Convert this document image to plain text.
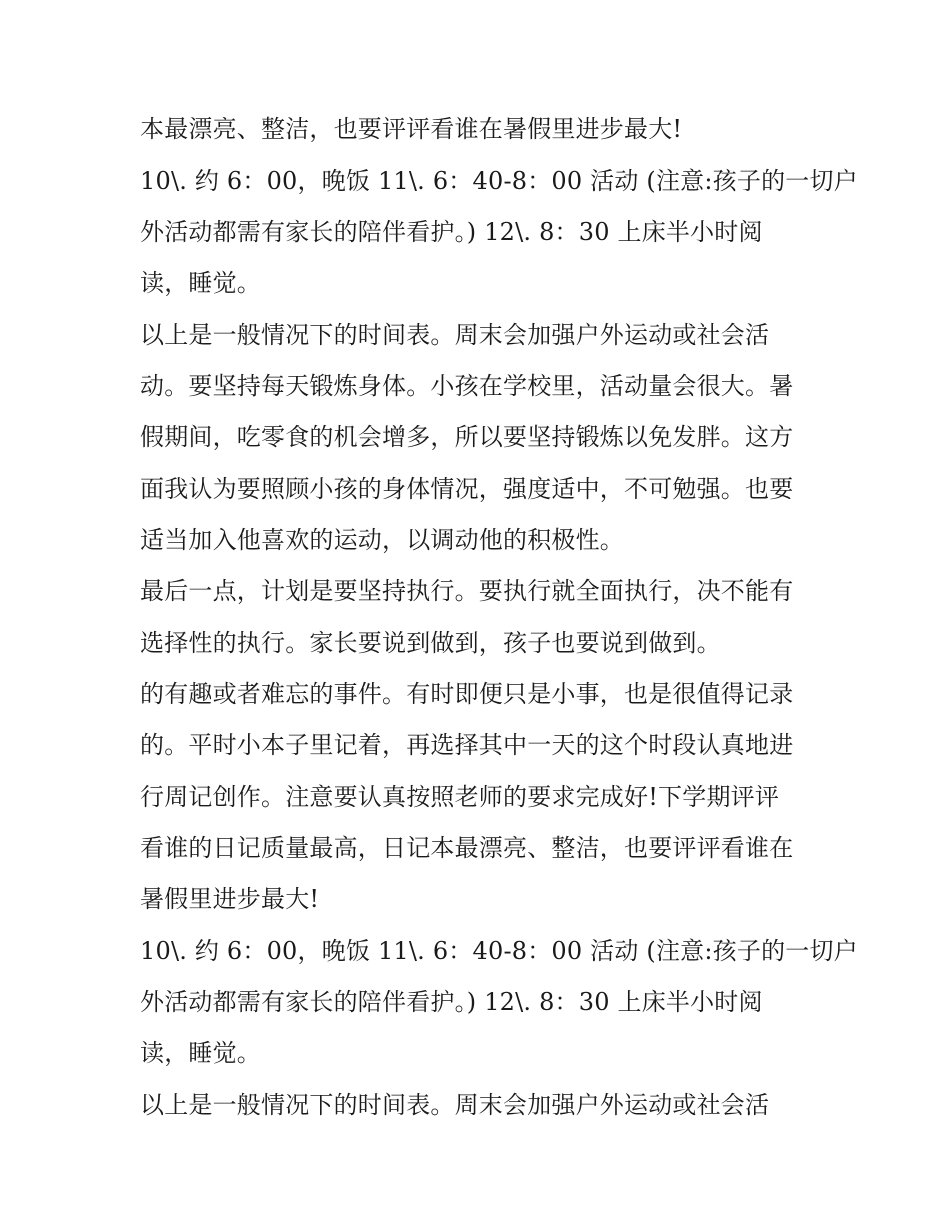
本最漂亮、整洁，也要评评看谁在暑假里进步最大!
10\. 约 6：00，晚饭 11\. 6：40-8：00 活动 (注意:孩子的一切户
外活动都需有家长的陪伴看护。) 12\. 8：30 上床半小时阅
读，睡觉。
以上是一般情况下的时间表。周末会加强户外运动或社会活
动。要坚持每天锻炼身体。小孩在学校里，活动量会很大。暑
假期间，吃零食的机会增多，所以要坚持锻炼以免发胖。这方
面我认为要照顾小孩的身体情况，强度适中，不可勉强。也要
适当加入他喜欢的运动，以调动他的积极性。
最后一点，计划是要坚持执行。要执行就全面执行，决不能有
选择性的执行。家长要说到做到，孩子也要说到做到。
的有趣或者难忘的事件。有时即便只是小事，也是很值得记录
的。平时小本子里记着，再选择其中一天的这个时段认真地进
行周记创作。注意要认真按照老师的要求完成好!下学期评评
看谁的日记质量最高，日记本最漂亮、整洁，也要评评看谁在
暑假里进步最大!
10\. 约 6：00，晚饭 11\. 6：40-8：00 活动 (注意:孩子的一切户
外活动都需有家长的陪伴看护。) 12\. 8：30 上床半小时阅
读，睡觉。
以上是一般情况下的时间表。周末会加强户外运动或社会活
